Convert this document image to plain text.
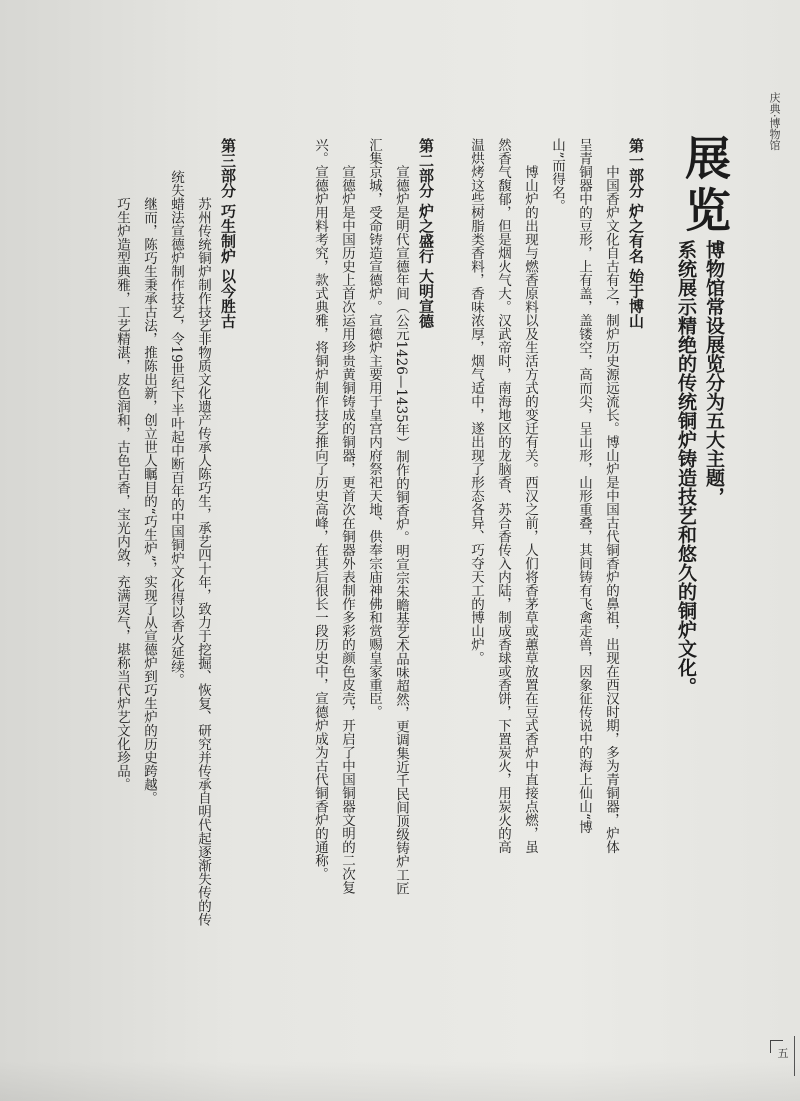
庆典·博物馆
展览
博物馆常设展览分为五大主题，
系统展示精绝的传统铜炉铸造技艺和悠久的铜炉文化。
第一部分 炉之有名 始于博山
中国香炉文化自古有之，制炉历史源远流长。博山炉是中国古代铜香炉的鼻祖，出现在西汉时期，多为青铜器，炉体呈青铜器中的豆形，上有盖，盖镂空，高而尖，呈山形，山形重叠，其间铸有飞禽走兽，因象征传说中的海上仙山“博山”而得名。
博山炉的出现与燃香原料以及生活方式的变迁有关。西汉之前，人们将香茅草或蕙草放置在豆式香炉中直接点燃，虽然香气馥郁，但是烟火气大。汉武帝时，南海地区的龙脑香、苏合香传入内陆，制成香球或香饼，下置炭火，用炭火的高温烘烤这些树脂类香料，香味浓厚，烟气适中，遂出现了形态各异、巧夺天工的博山炉。
第二部分 炉之盛行 大明宣德
宣德炉是明代宣德年间（公元1426—1435年）制作的铜香炉。明宣宗朱瞻基艺术品味超然，更调集近千民间顶级铸炉工匠汇集京城，受命铸造宣德炉。宣德炉主要用于皇宫内府祭祀天地、供奉宗庙神佛和赏赐皇家重臣。
宣德炉是中国历史上首次运用珍贵黄铜铸成的铜器，更首次在铜器外表制作多彩的颜色皮壳，开启了中国铜器文明的二次复兴。宣德炉用料考究，款式典雅，将铜炉制作技艺推向了历史高峰，在其后很长一段历史中，宣德炉成为古代铜香炉的通称。
第三部分 巧生制炉 以今胜古
苏州传统铜炉制作技艺非物质文化遗产传承人陈巧生，承艺四十年，致力于挖掘、恢复、研究并传承自明代起逐渐失传的传统失蜡法宣德炉制作技艺，令19世纪下半叶起中断百年的中国铜炉文化得以香火延续。
继而，陈巧生秉承古法，推陈出新，创立世人瞩目的“巧生炉”，实现了从宣德炉到巧生炉的历史跨越。
巧生炉造型典雅，工艺精湛，皮色润和，古色古香，宝光内敛，充满灵气，堪称当代炉艺文化珍品。
五
